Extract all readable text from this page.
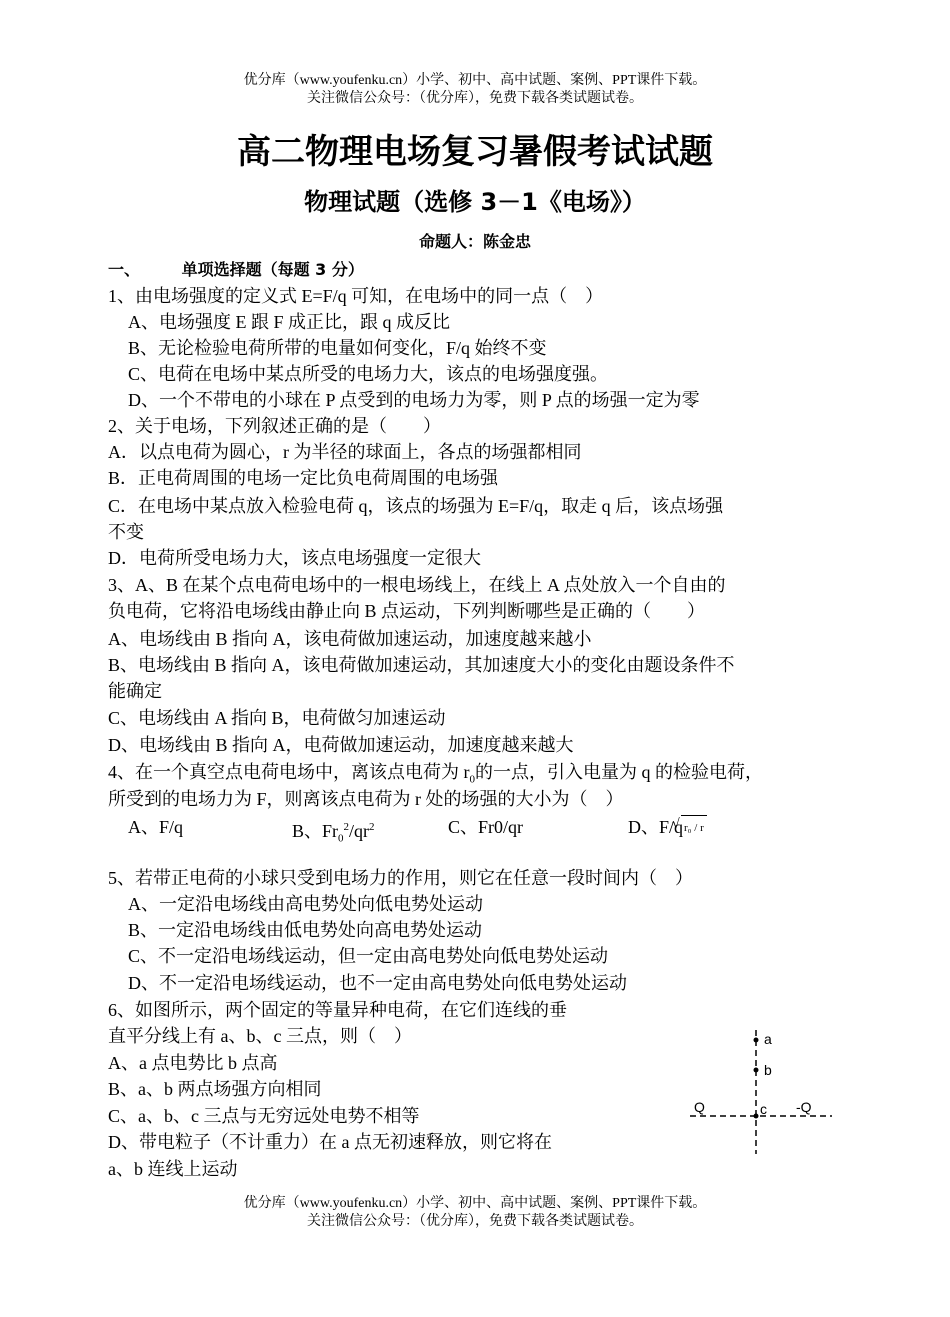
优分库（www.youfenku.cn）小学、初中、高中试题、案例、PPT课件下载。
关注微信公众号：（优分库），免费下载各类试题试卷。
高二物理电场复习暑假考试试题
物理试题（选修 3－1《电场》）
命题人：陈金忠
一、	单项选择题（每题 3 分）
1、由电场强度的定义式 E=F/q 可知，在电场中的同一点（　）
A、电场强度 E 跟 F 成正比，跟 q 成反比
B、无论检验电荷所带的电量如何变化，F/q 始终不变
C、电荷在电场中某点所受的电场力大，该点的电场强度强。
D、一个不带电的小球在 P 点受到的电场力为零，则 P 点的场强一定为零
2、关于电场，下列叙述正确的是（　　）
A．以点电荷为圆心，r 为半径的球面上，各点的场强都相同
B．正电荷周围的电场一定比负电荷周围的电场强
C．在电场中某点放入检验电荷 q，该点的场强为 E=F/q，取走 q 后，该点场强
不变
D．电荷所受电场力大，该点电场强度一定很大
3、A、B 在某个点电荷电场中的一根电场线上，在线上 A 点处放入一个自由的
负电荷，它将沿电场线由静止向 B 点运动，下列判断哪些是正确的（　　）
A、电场线由 B 指向 A，该电荷做加速运动，加速度越来越小
B、电场线由 B 指向 A，该电荷做加速运动，其加速度大小的变化由题设条件不
能确定
C、电场线由 A 指向 B，电荷做匀加速运动
D、电场线由 B 指向 A，电荷做加速运动，加速度越来越大
4、在一个真空点电荷电场中，离该点电荷为 $r_0$的一点，引入电量为 q 的检验电荷，
所受到的电场力为 F，则离该点电荷为 r 处的场强的大小为（　）
A、F/q	B、$Fr_0^2/qr^2$	C、Fr0/qr	D、F
√ r₀ / r
/q
5、若带正电荷的小球只受到电场力的作用，则它在任意一段时间内（　）
A、一定沿电场线由高电势处向低电势处运动
B、一定沿电场线由低电势处向高电势处运动
C、不一定沿电场线运动，但一定由高电势处向低电势处运动
D、不一定沿电场线运动，也不一定由高电势处向低电势处运动
6、如图所示，两个固定的等量异种电荷，在它们连线的垂
直平分线上有 a、b、c 三点，则（　）
A、a 点电势比 b 点高
B、a、b 两点场强方向相同
C、a、b、c 三点与无穷远处电势不相等
D、带电粒子（不计重力）在 a 点无初速释放，则它将在
a、b 连线上运动
a
b
c
Q	-Q
优分库（www.youfenku.cn）小学、初中、高中试题、案例、PPT课件下载。
关注微信公众号：（优分库），免费下载各类试题试卷。
